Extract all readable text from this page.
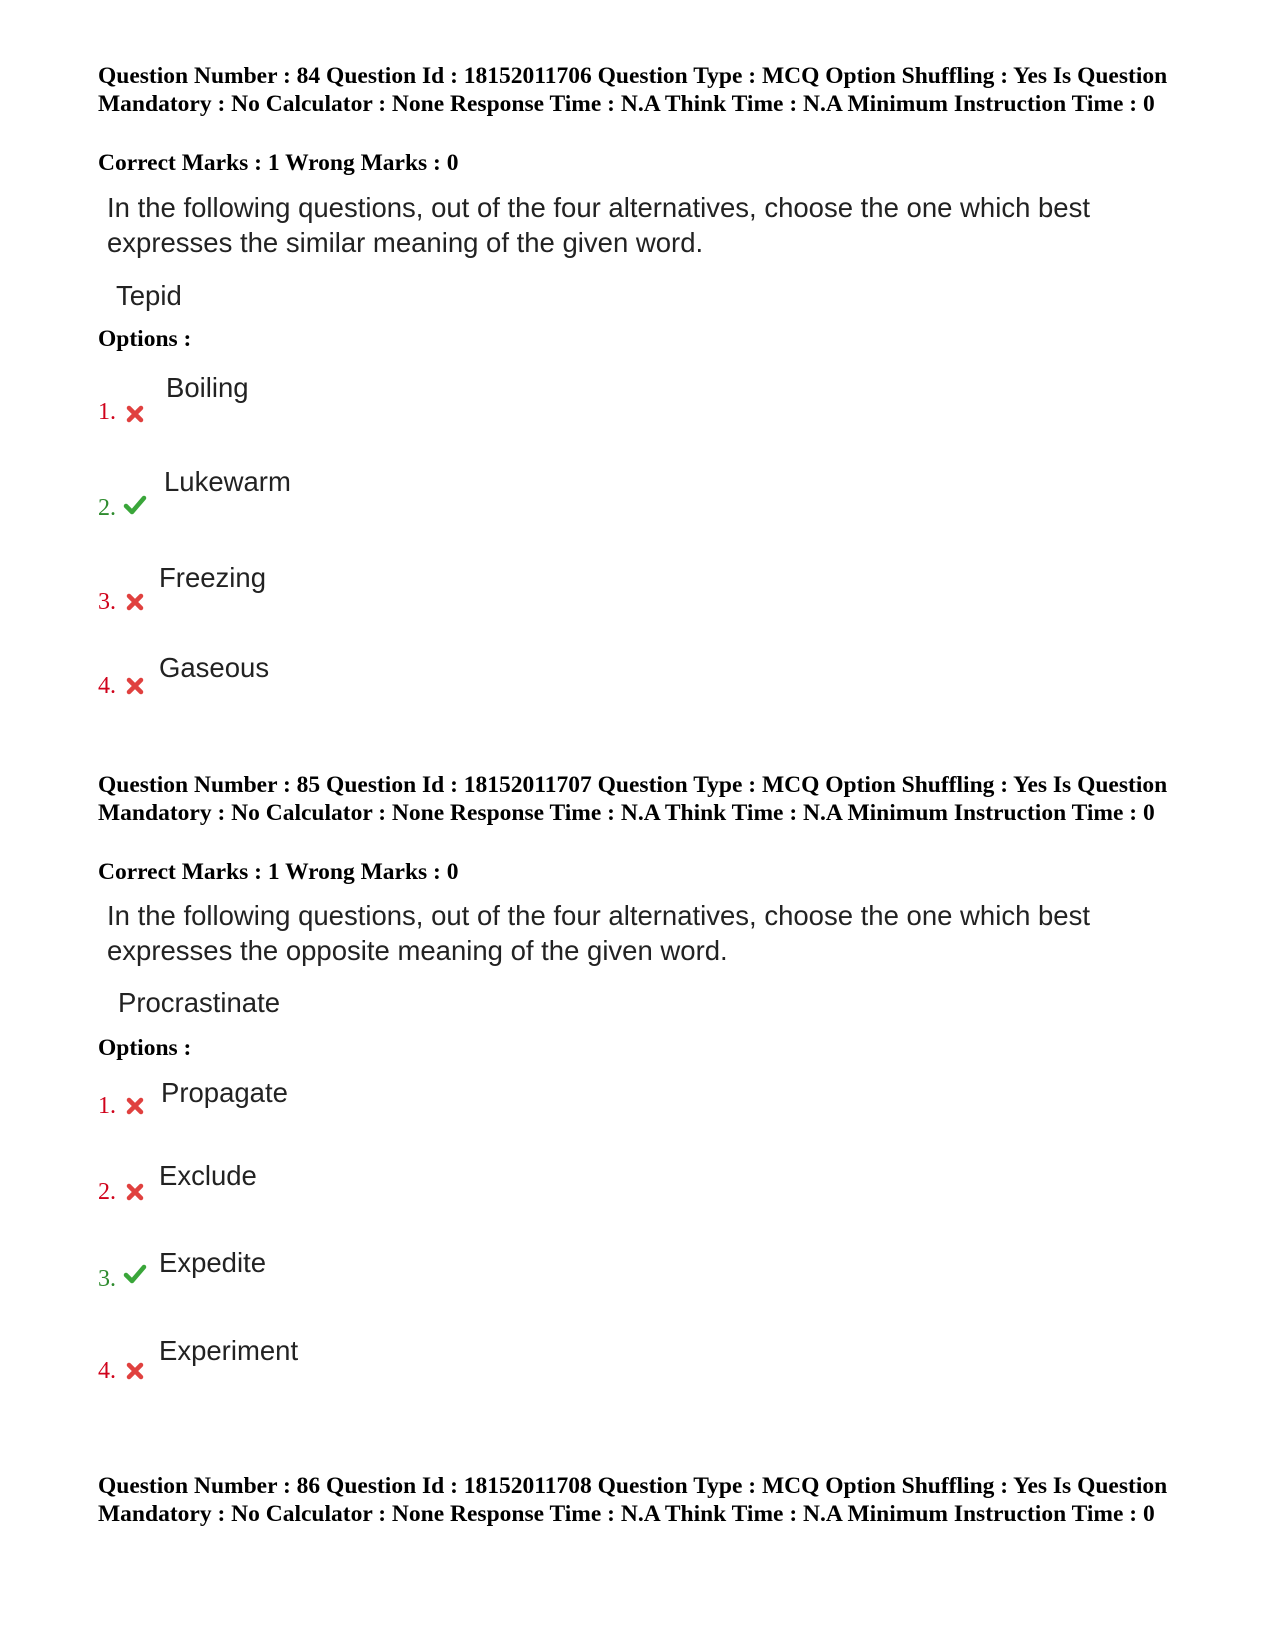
Question Number : 84 Question Id : 18152011706 Question Type : MCQ Option Shuffling : Yes Is Question Mandatory : No Calculator : None Response Time : N.A Think Time : N.A Minimum Instruction Time : 0
Correct Marks : 1 Wrong Marks : 0
In the following questions, out of the four alternatives, choose the one which best expresses the similar meaning of the given word.
Tepid
Options :
Boiling
1.
Lukewarm
2.
Freezing
3.
Gaseous
4.
Question Number : 85 Question Id : 18152011707 Question Type : MCQ Option Shuffling : Yes Is Question Mandatory : No Calculator : None Response Time : N.A Think Time : N.A Minimum Instruction Time : 0
Correct Marks : 1 Wrong Marks : 0
In the following questions, out of the four alternatives, choose the one which best expresses the opposite meaning of the given word.
Procrastinate
Options :
Propagate
1.
Exclude
2.
Expedite
3.
Experiment
4.
Question Number : 86 Question Id : 18152011708 Question Type : MCQ Option Shuffling : Yes Is Question Mandatory : No Calculator : None Response Time : N.A Think Time : N.A Minimum Instruction Time : 0
